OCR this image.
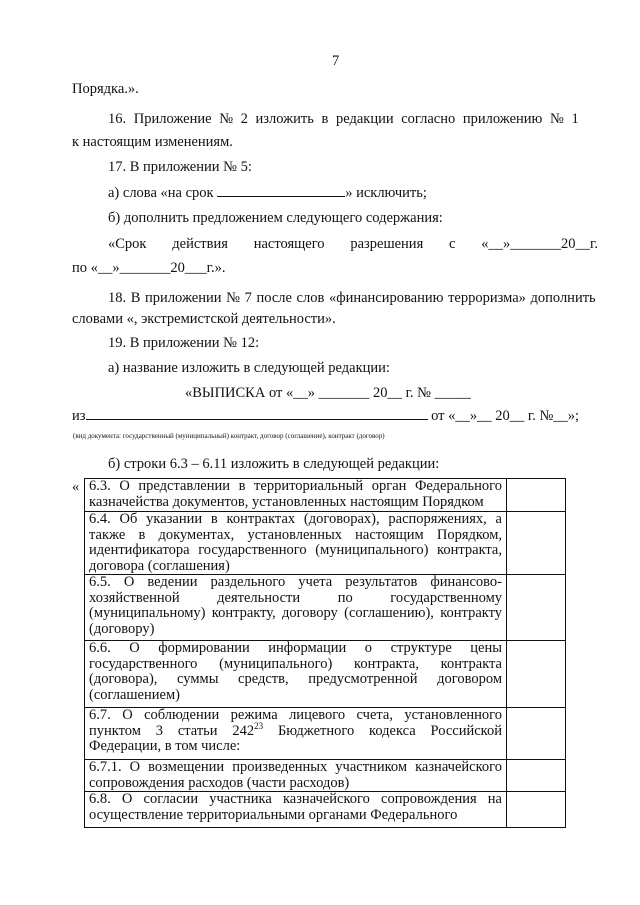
7
Порядка.».
16. Приложение № 2 изложить в редакции согласно приложению № 1
к настоящим изменениям.
17. В приложении № 5:
а) слова «на срок	» исключить;
б) дополнить предложением следующего содержания:
«Срок действия настоящего разрешения с «__»_______20__г.
по «__»_______20___г.».
18. В приложении № 7 после слов «финансированию терроризма» дополнить
словами «, экстремистской деятельности».
19. В приложении № 12:
а) название изложить в следующей редакции:
«ВЫПИСКА от «__» _______ 20__ г. № _____
из	от «__»__ 20__ г. №__»;
(вид документа: государственный (муниципальный) контракт, договор (соглашение), контракт (договор)
б) строки 6.3 – 6.11 изложить в следующей редакции:
« 6.3. О представлении в территориальный орган Федерального казначейства документов, установленных настоящим Порядком	
6.4. Об указании в контрактах (договорах), распоряжениях, а также в документах, установленных настоящим Порядком, идентификатора государственного (муниципального) контракта, договора (соглашения)	
6.5. О ведении раздельного учета результатов финансово-хозяйственной деятельности по государственному (муниципальному) контракту, договору (соглашению), контракту (договору)	
6.6. О формировании информации о структуре цены государственного (муниципального) контракта, контракта (договора), суммы средств, предусмотренной договором (соглашением)	
6.7. О соблюдении режима лицевого счета, установленного пунктом 3 статьи $242^{23}$ Бюджетного кодекса Российской Федерации, в том числе:	
6.7.1. О возмещении произведенных участником казначейского сопровождения расходов (части расходов)	
6.8. О согласии участника казначейского сопровождения на осуществление территориальными органами Федерального	
